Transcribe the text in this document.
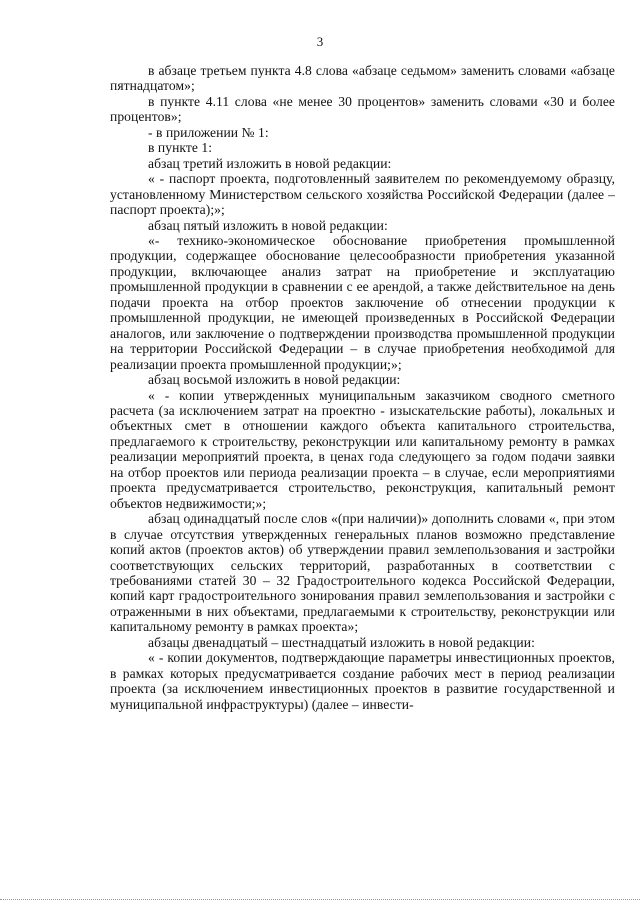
3

в абзаце третьем пункта 4.8 слова «абзаце седьмом» заменить словами «абзаце пятнадцатом»;

в пункте 4.11 слова «не менее 30 процентов» заменить словами «30 и более процентов»;

- в приложении № 1:

в пункте 1:

абзац третий изложить в новой редакции:

« - паспорт проекта, подготовленный заявителем по рекомендуемому образцу, установленному Министерством сельского хозяйства Российской Федерации (далее – паспорт проекта);»;

абзац пятый изложить в новой редакции:

«- технико-экономическое обоснование приобретения промышленной продукции, содержащее обоснование целесообразности приобретения указанной продукции, включающее анализ затрат на приобретение и эксплуатацию промышленной продукции в сравнении с ее арендой, а также действительное на день подачи проекта на отбор проектов заключение об отнесении продукции к промышленной продукции, не имеющей произведенных в Российской Федерации аналогов, или заключение о подтверждении производства промышленной продукции на территории Российской Федерации – в случае приобретения необходимой для реализации проекта промышленной продукции;»;

абзац восьмой изложить в новой редакции:

« - копии утвержденных муниципальным заказчиком сводного сметного расчета (за исключением затрат на проектно - изыскательские работы), локальных и объектных смет в отношении каждого объекта капитального строительства, предлагаемого к строительству, реконструкции или капитальному ремонту в рамках реализации мероприятий проекта, в ценах года следующего за годом подачи заявки на отбор проектов или периода реализации проекта – в случае, если мероприятиями проекта предусматривается строительство, реконструкция, капитальный ремонт объектов недвижимости;»;

абзац одинадцатый после слов «(при наличии)» дополнить словами «, при этом в случае отсутствия утвержденных генеральных планов возможно представление копий актов (проектов актов) об утверждении правил землепользования и застройки соответствующих сельских территорий, разработанных в соответствии с требованиями статей 30 – 32 Градостроительного кодекса Российской Федерации, копий карт градостроительного зонирования правил землепользования и застройки с отраженными в них объектами, предлагаемыми к строительству, реконструкции или капитальному ремонту в рамках проекта»;

абзацы двенадцатый – шестнадцатый изложить в новой редакции:

« - копии документов, подтверждающие параметры инвестиционных проектов, в рамках которых предусматривается создание рабочих мест в период реализации проекта (за исключением инвестиционных проектов в развитие государственной и муниципальной инфраструктуры) (далее – инвести-
